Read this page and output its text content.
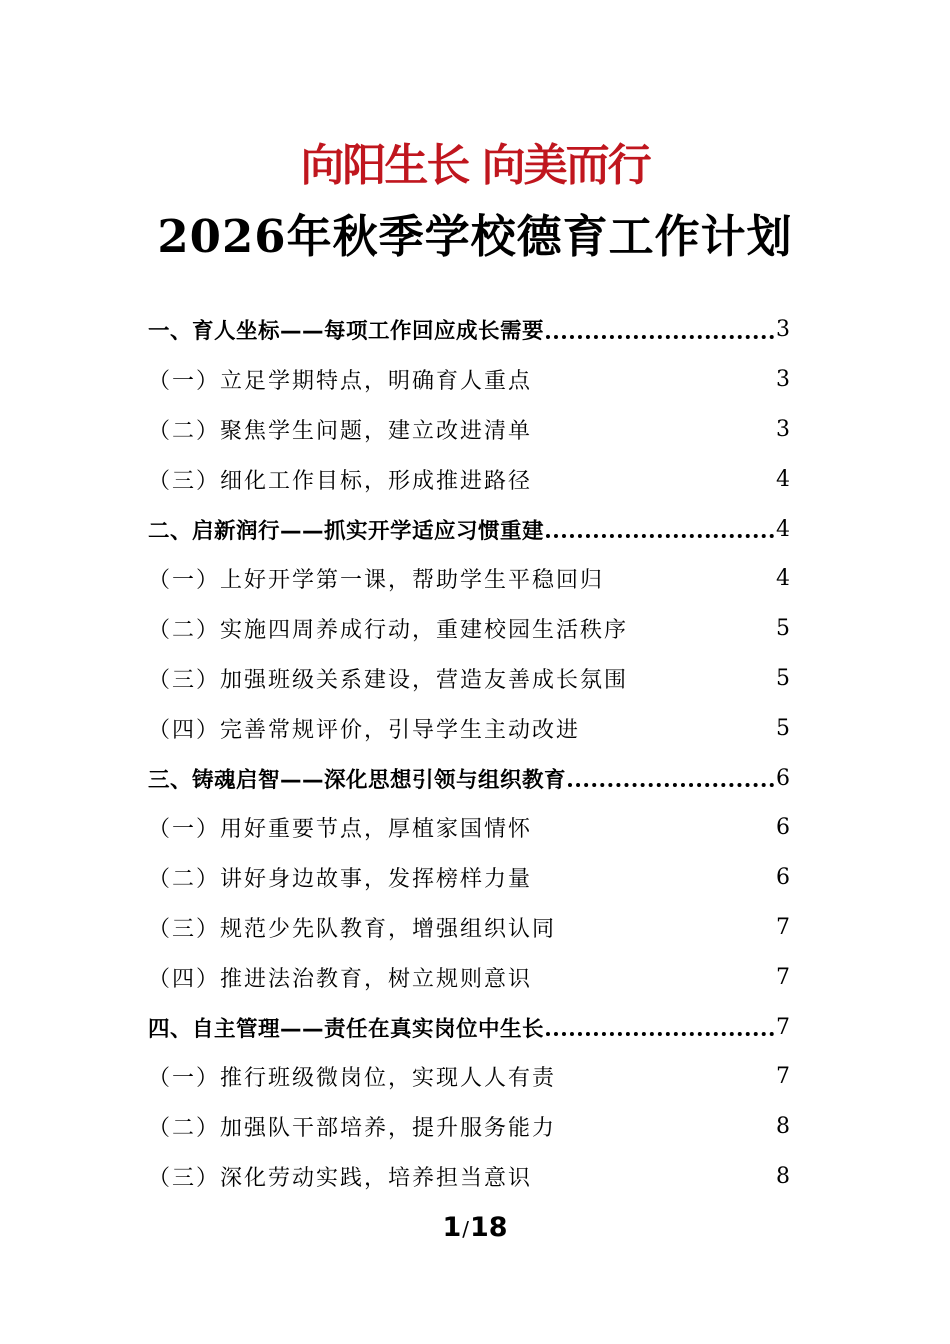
向阳生长 向美而行
2026年秋季学校德育工作计划
一、育人坐标——每项工作回应成长需要	3
（一）立足学期特点，明确育人重点	3
（二）聚焦学生问题，建立改进清单	3
（三）细化工作目标，形成推进路径	4
二、启新润行——抓实开学适应习惯重建	4
（一）上好开学第一课，帮助学生平稳回归	4
（二）实施四周养成行动，重建校园生活秩序	5
（三）加强班级关系建设，营造友善成长氛围	5
（四）完善常规评价，引导学生主动改进	5
三、铸魂启智——深化思想引领与组织教育	6
（一）用好重要节点，厚植家国情怀	6
（二）讲好身边故事，发挥榜样力量	6
（三）规范少先队教育，增强组织认同	7
（四）推进法治教育，树立规则意识	7
四、自主管理——责任在真实岗位中生长	7
（一）推行班级微岗位，实现人人有责	7
（二）加强队干部培养，提升服务能力	8
（三）深化劳动实践，培养担当意识	8
1/18
